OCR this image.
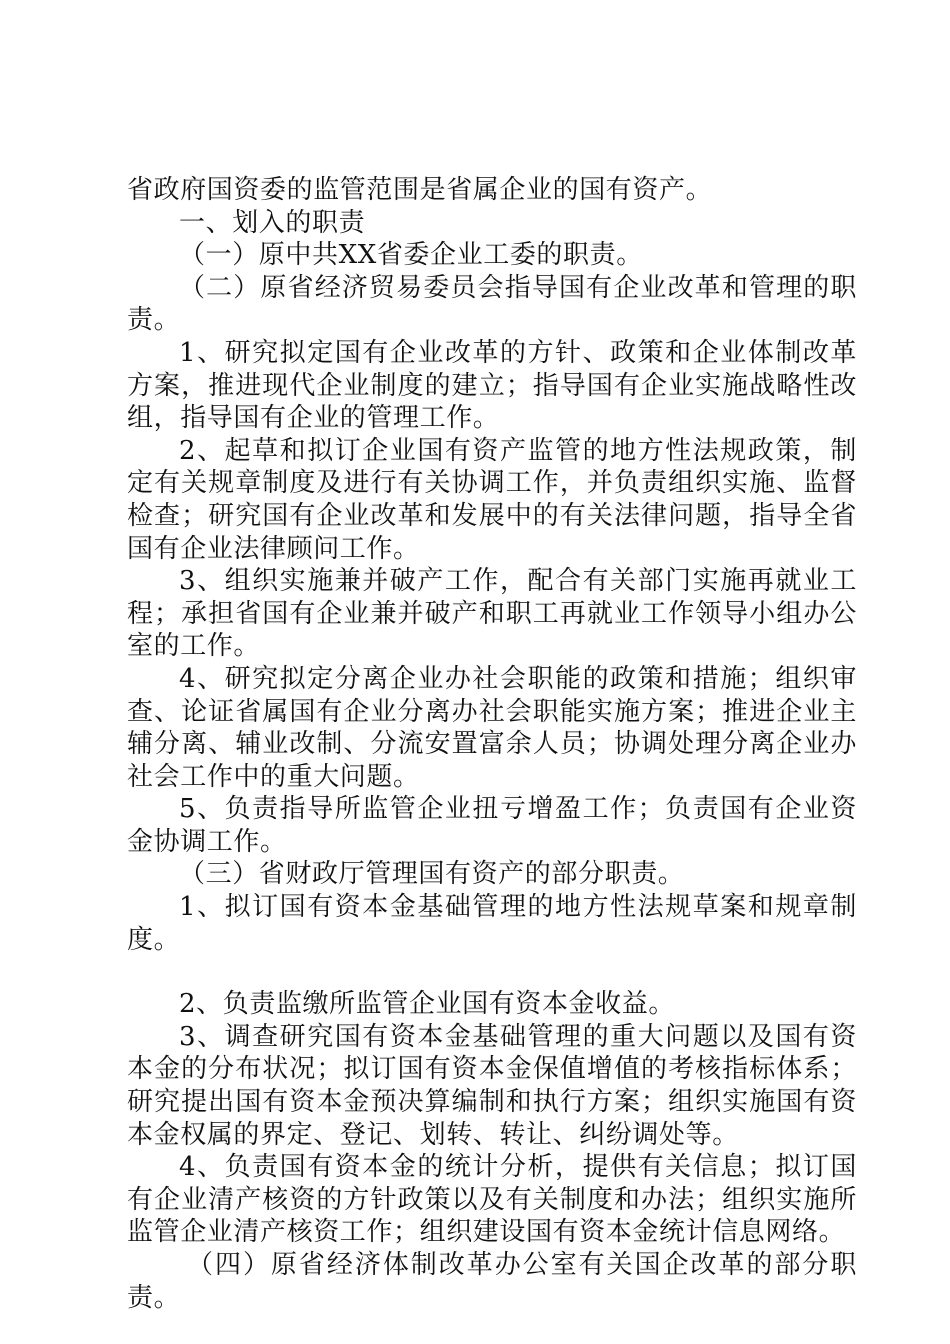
省政府国资委的监管范围是省属企业的国有资产。

一、划入的职责

（一）原中共XX省委企业工委的职责。

（二）原省经济贸易委员会指导国有企业改革和管理的职责。

1、研究拟定国有企业改革的方针、政策和企业体制改革方案，推进现代企业制度的建立；指导国有企业实施战略性改组，指导国有企业的管理工作。

2、起草和拟订企业国有资产监管的地方性法规政策，制定有关规章制度及进行有关协调工作，并负责组织实施、监督检查；研究国有企业改革和发展中的有关法律问题，指导全省国有企业法律顾问工作。

3、组织实施兼并破产工作，配合有关部门实施再就业工程；承担省国有企业兼并破产和职工再就业工作领导小组办公室的工作。

4、研究拟定分离企业办社会职能的政策和措施；组织审查、论证省属国有企业分离办社会职能实施方案；推进企业主辅分离、辅业改制、分流安置富余人员；协调处理分离企业办社会工作中的重大问题。

5、负责指导所监管企业扭亏增盈工作；负责国有企业资金协调工作。

（三）省财政厅管理国有资产的部分职责。

1、拟订国有资本金基础管理的地方性法规草案和规章制度。

2、负责监缴所监管企业国有资本金收益。

3、调查研究国有资本金基础管理的重大问题以及国有资本金的分布状况；拟订国有资本金保值增值的考核指标体系；研究提出国有资本金预决算编制和执行方案；组织实施国有资本金权属的界定、登记、划转、转让、纠纷调处等。

4、负责国有资本金的统计分析，提供有关信息；拟订国有企业清产核资的方针政策以及有关制度和办法；组织实施所监管企业清产核资工作；组织建设国有资本金统计信息网络。

（四）原省经济体制改革办公室有关国企改革的部分职责。
